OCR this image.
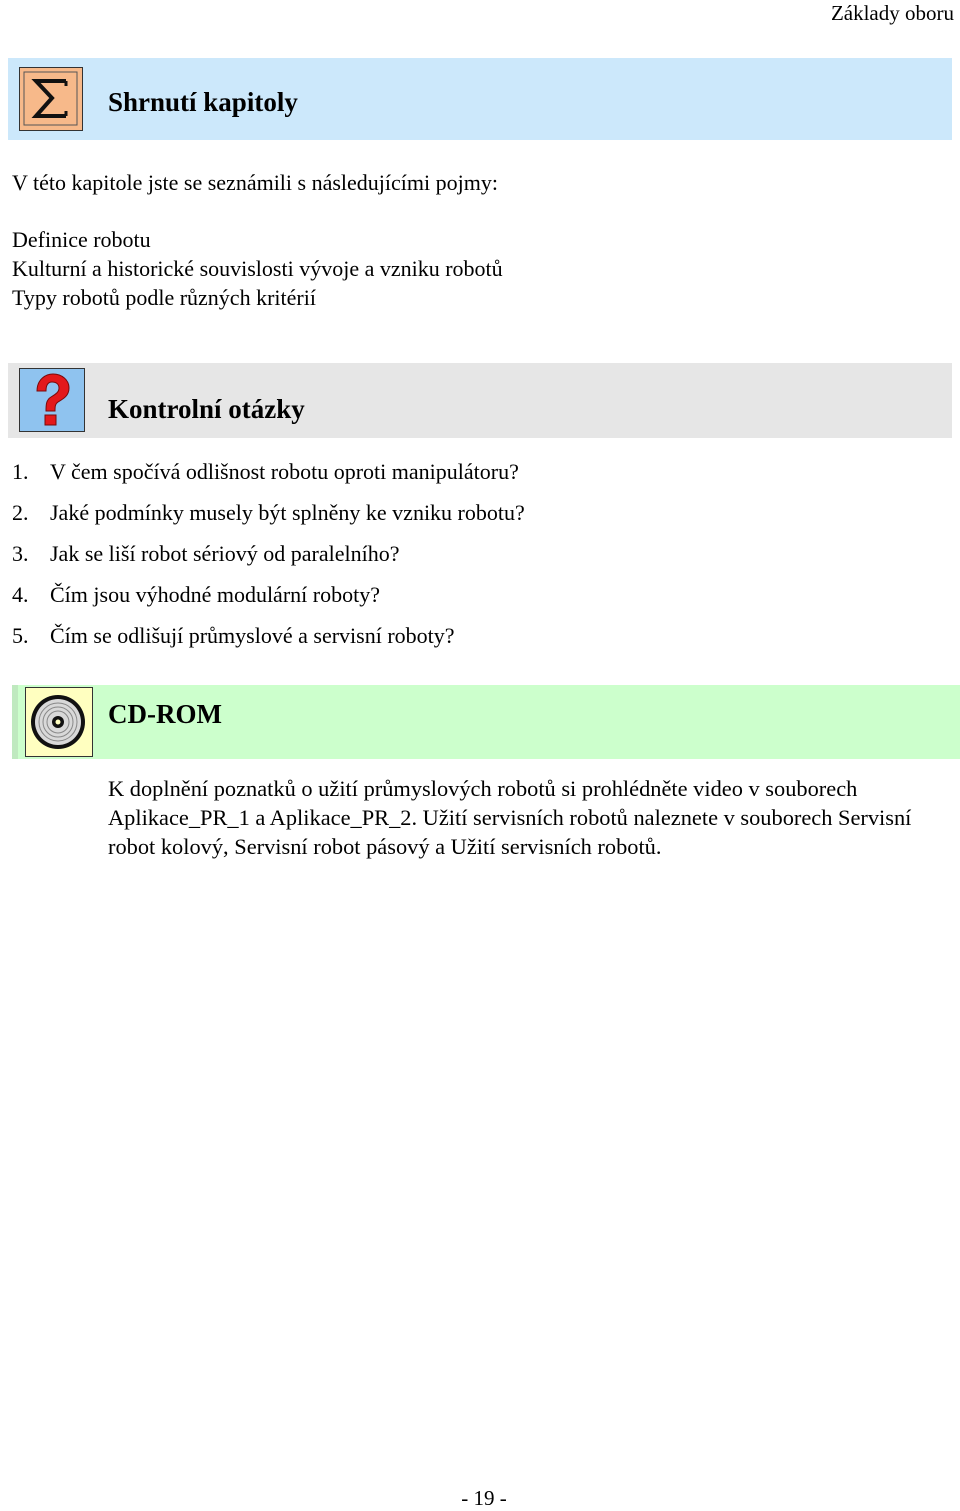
Základy oboru
Shrnutí kapitoly
V této kapitole jste se seznámili s následujícími pojmy:
Definice robotu
Kulturní a historické souvislosti vývoje a vzniku robotů
Typy robotů podle různých kritérií
Kontrolní otázky
1. V čem spočívá odlišnost robotu oproti manipulátoru?
2. Jaké podmínky musely být splněny ke vzniku robotu?
3. Jak se liší robot sériový od paralelního?
4. Čím jsou výhodné modulární roboty?
5. Čím se odlišují průmyslové a servisní roboty?
CD-ROM
K doplnění poznatků o užití průmyslových robotů si prohlédněte video v souborech Aplikace_PR_1 a Aplikace_PR_2. Užití servisních robotů naleznete v souborech Servisní robot kolový, Servisní robot pásový a Užití servisních robotů.
- 19 -
